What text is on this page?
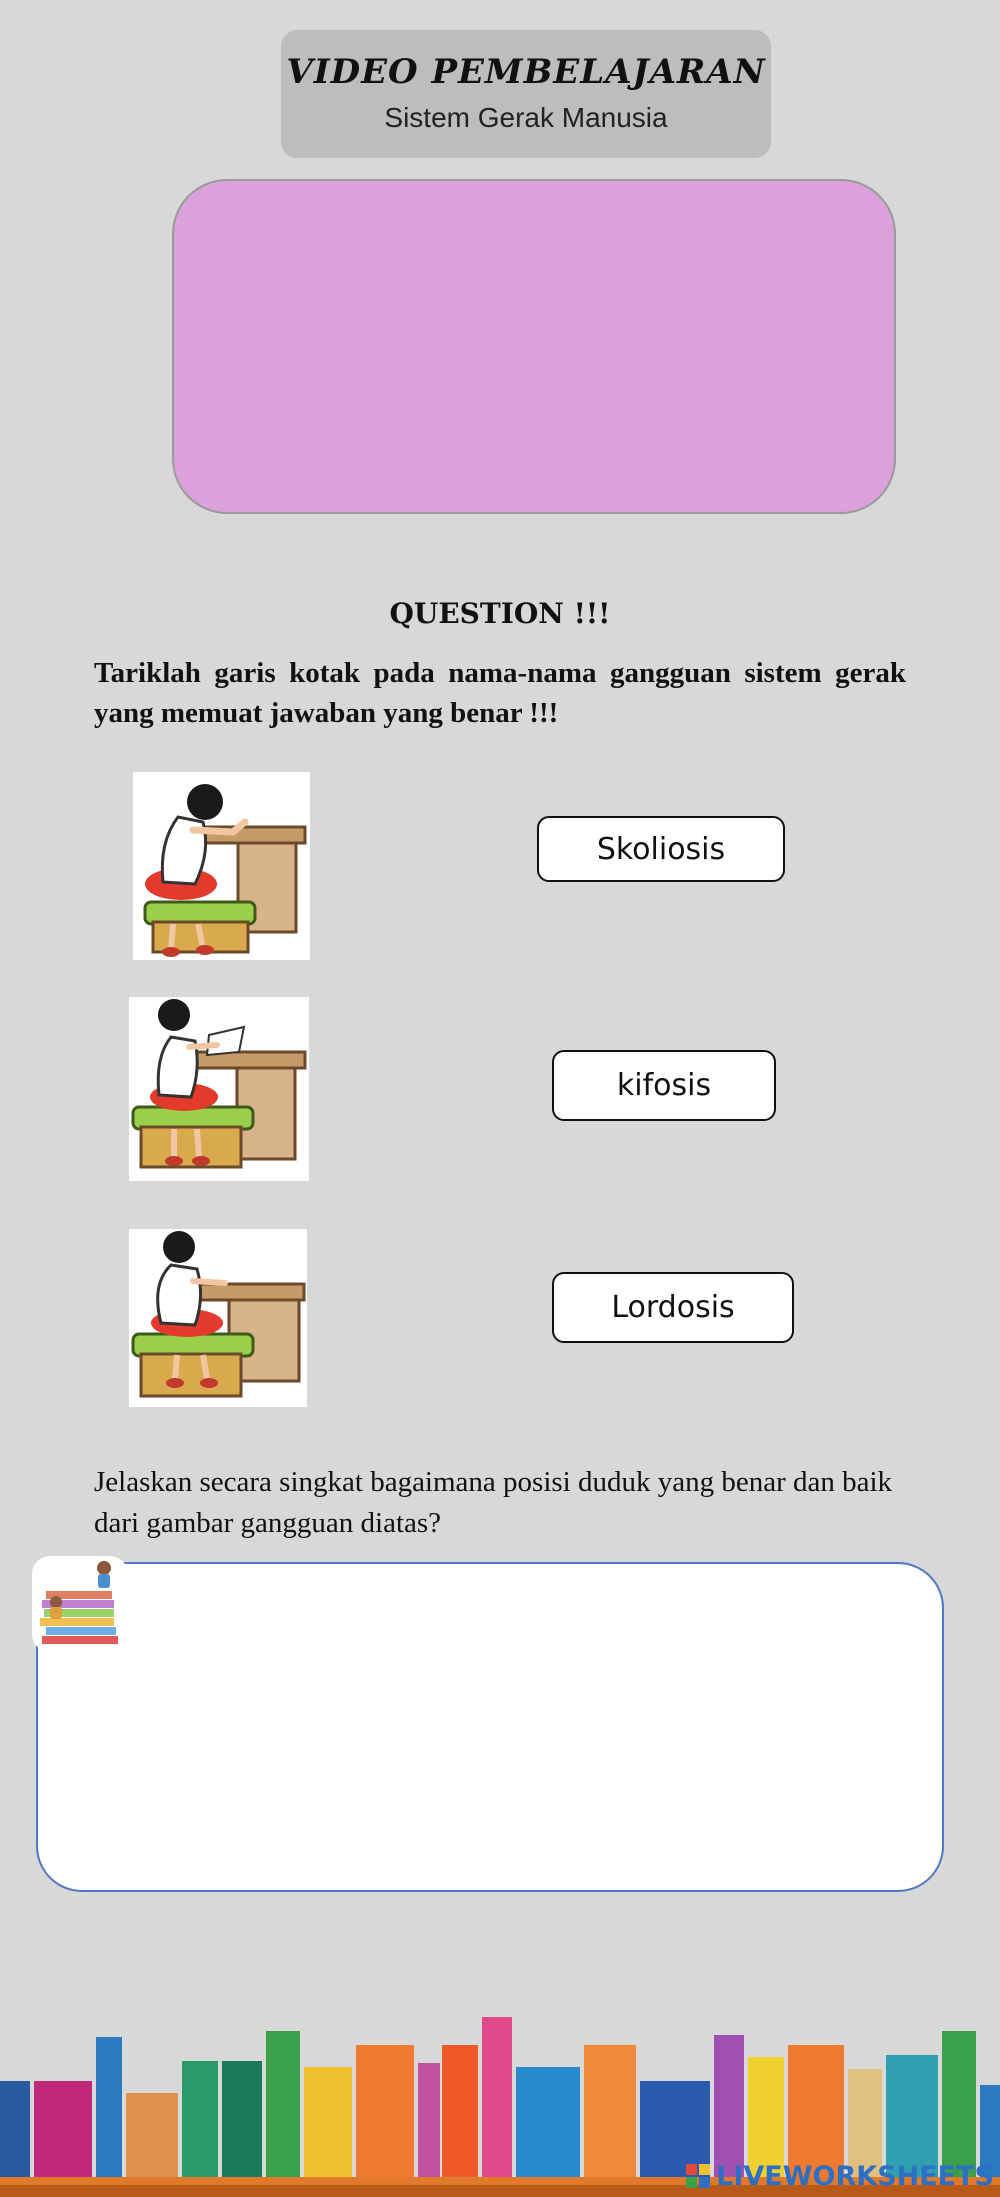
VIDEO PEMBELAJARAN
Sistem Gerak Manusia
QUESTION !!!
Tariklah garis kotak pada nama-nama gangguan sistem gerak yang memuat jawaban yang benar !!!
Skoliosis
kifosis
Lordosis
Jelaskan secara singkat bagaimana posisi duduk yang benar dan baik dari gambar gangguan diatas?
LIVEWORKSHEETS
